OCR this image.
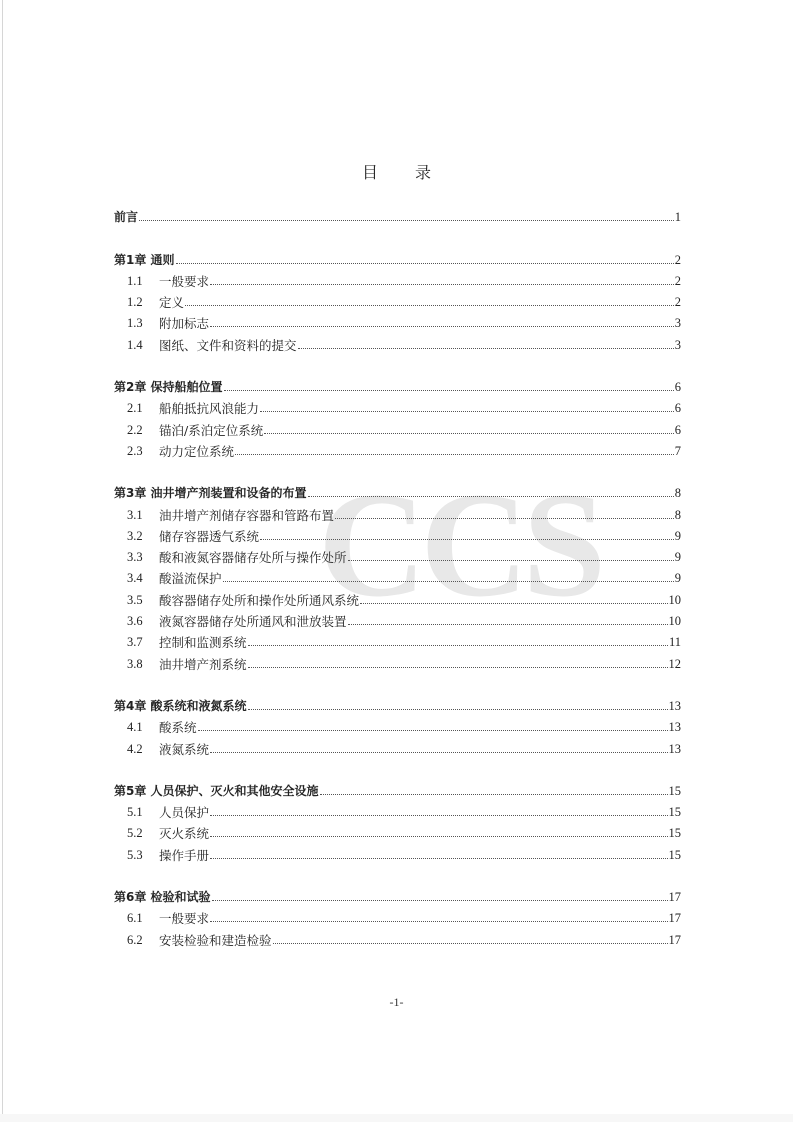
CCS
目 录
前言	1
第1章 通则	2
1.1	一般要求	2
1.2	定义	2
1.3	附加标志	3
1.4	图纸、文件和资料的提交	3
第2章 保持船舶位置	6
2.1	船舶抵抗风浪能力	6
2.2	锚泊/系泊定位系统	6
2.3	动力定位系统	7
第3章 油井增产剂装置和设备的布置	8
3.1	油井增产剂储存容器和管路布置	8
3.2	储存容器透气系统	9
3.3	酸和液氮容器储存处所与操作处所	9
3.4	酸溢流保护	9
3.5	酸容器储存处所和操作处所通风系统	10
3.6	液氮容器储存处所通风和泄放装置	10
3.7	控制和监测系统	11
3.8	油井增产剂系统	12
第4章 酸系统和液氮系统	13
4.1	酸系统	13
4.2	液氮系统	13
第5章 人员保护、灭火和其他安全设施	15
5.1	人员保护	15
5.2	灭火系统	15
5.3	操作手册	15
第6章 检验和试验	17
6.1	一般要求	17
6.2	安装检验和建造检验	17
-1-
